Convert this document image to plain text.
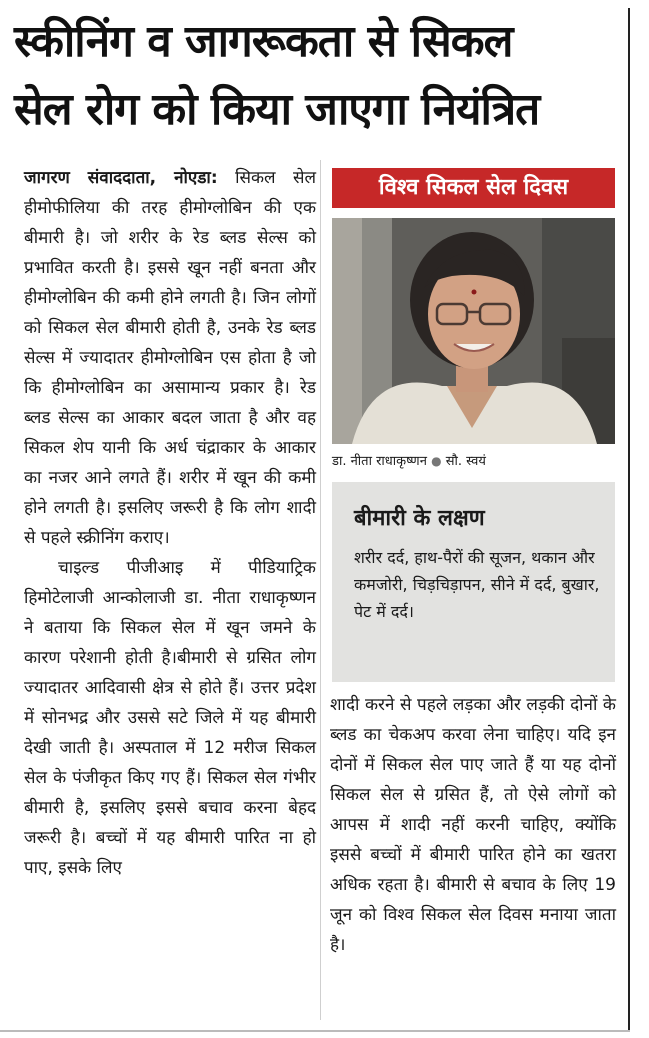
स्कीनिंग व जागरूकता से सिकल
सेल रोग को किया जाएगा नियंत्रित

जागरण संवाददाता, नोएडा: सिकल सेल हीमोफीलिया की तरह हीमोग्लोबिन की एक बीमारी है। जो शरीर के रेड ब्लड सेल्स को प्रभावित करती है। इससे खून नहीं बनता और हीमोग्लोबिन की कमी होने लगती है। जिन लोगों को सिकल सेल बीमारी होती है, उनके रेड ब्लड सेल्स में ज्यादातर हीमोग्लोबिन एस होता है जो कि हीमोग्लोबिन का असामान्य प्रकार है। रेड ब्लड सेल्स का आकार बदल जाता है और वह सिकल शेप यानी कि अर्ध चंद्राकार के आकार का नजर आने लगते हैं। शरीर में खून की कमी होने लगती है। इसलिए जरूरी है कि लोग शादी से पहले स्क्रीनिंग कराए।

चाइल्ड पीजीआइ में पीडियाट्रिक हिमोटेलाजी आन्कोलाजी डा. नीता राधाकृष्णन ने बताया कि सिकल सेल में खून जमने के कारण परेशानी होती है।बीमारी से ग्रसित लोग ज्यादातर आदिवासी क्षेत्र से होते हैं। उत्तर प्रदेश में सोनभद्र और उससे सटे जिले में यह बीमारी देखी जाती है। अस्पताल में 12 मरीज सिकल सेल के पंजीकृत किए गए हैं। सिकल सेल गंभीर बीमारी है, इसलिए इससे बचाव करना बेहद जरूरी है। बच्चों में यह बीमारी पारित ना हो पाए, इसके लिए

विश्व सिकल सेल दिवस
डा. नीता राधाकृष्णन ● सौ. स्वयं
बीमारी के लक्षण
शरीर दर्द, हाथ-पैरों की सूजन, थकान और कमजोरी, चिड़चिड़ापन, सीने में दर्द, बुखार, पेट में दर्द।

शादी करने से पहले लड़का और लड़की दोनों के ब्लड का चेकअप करवा लेना चाहिए। यदि इन दोनों में सिकल सेल पाए जाते हैं या यह दोनों सिकल सेल से ग्रसित हैं, तो ऐसे लोगों को आपस में शादी नहीं करनी चाहिए, क्योंकि इससे बच्चों में बीमारी पारित होने का खतरा अधिक रहता है। बीमारी से बचाव के लिए 19 जून को विश्व सिकल सेल दिवस मनाया जाता है।
